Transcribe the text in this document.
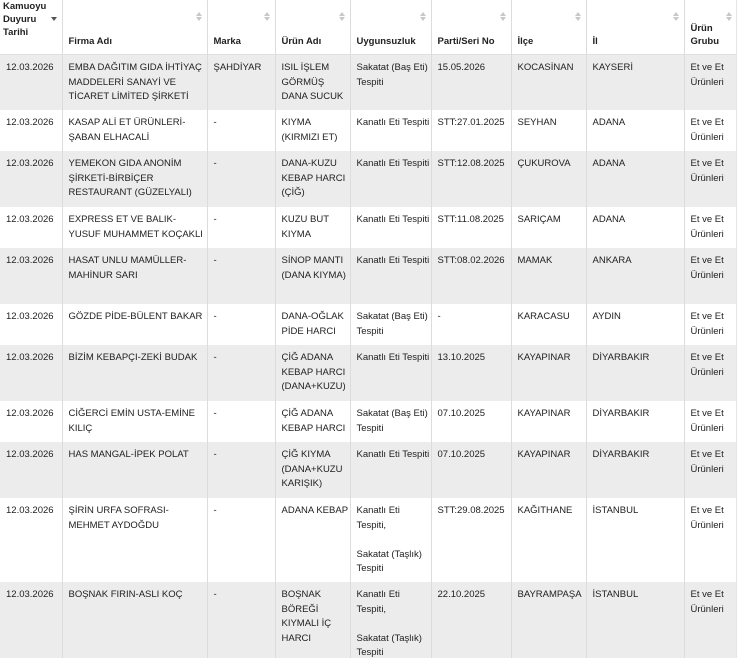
Kamuoyu Duyuru Tarihi	Firma Adı	Marka	Ürün Adı	Uygunsuzluk	Parti/Seri No	İlçe	İl	Ürün Grubu

12.03.2026	EMBA DAĞITIM GIDA İHTİYAÇ MADDELERİ SANAYİ VE TİCARET LİMİTED ŞİRKETİ	ŞAHDİYAR	ISIL İŞLEM GÖRMÜŞ DANA SUCUK	Sakatat (Baş Eti) Tespiti	15.05.2026	KOCASİNAN	KAYSERİ	Et ve Et Ürünleri
12.03.2026	KASAP ALİ ET ÜRÜNLERİ-ŞABAN ELHACALİ	-	KIYMA (KIRMIZI ET)	Kanatlı Eti Tespiti	STT:27.01.2025	SEYHAN	ADANA	Et ve Et Ürünleri
12.03.2026	YEMEKON GIDA ANONİM ŞİRKETİ-BİRBİÇER RESTAURANT (GÜZELYALI)	-	DANA-KUZU KEBAP HARCI (ÇİĞ)	Kanatlı Eti Tespiti	STT:12.08.2025	ÇUKUROVA	ADANA	Et ve Et Ürünleri
12.03.2026	EXPRESS ET VE BALIK-YUSUF MUHAMMET KOÇAKLI	-	KUZU BUT KIYMA	Kanatlı Eti Tespiti	STT:11.08.2025	SARIÇAM	ADANA	Et ve Et Ürünleri
12.03.2026	HASAT UNLU MAMÜLLER-MAHİNUR SARI	-	SİNOP MANTI (DANA KIYMA)	Kanatlı Eti Tespiti	STT:08.02.2026	MAMAK	ANKARA	Et ve Et Ürünleri
12.03.2026	GÖZDE PİDE-BÜLENT BAKAR	-	DANA-OĞLAK PİDE HARCI	Sakatat (Baş Eti) Tespiti	-	KARACASU	AYDIN	Et ve Et Ürünleri
12.03.2026	BİZİM KEBAPÇI-ZEKİ BUDAK	-	ÇİĞ ADANA KEBAP HARCI (DANA+KUZU)	Kanatlı Eti Tespiti	13.10.2025	KAYAPINAR	DİYARBAKIR	Et ve Et Ürünleri
12.03.2026	CİĞERCİ EMİN USTA-EMİNE KILIÇ	-	ÇİĞ ADANA KEBAP HARCI	Sakatat (Baş Eti) Tespiti	07.10.2025	KAYAPINAR	DİYARBAKIR	Et ve Et Ürünleri
12.03.2026	HAS MANGAL-İPEK POLAT	-	ÇİĞ KIYMA (DANA+KUZU KARIŞIK)	Kanatlı Eti Tespiti	07.10.2025	KAYAPINAR	DİYARBAKIR	Et ve Et Ürünleri
12.03.2026	ŞİRİN URFA SOFRASI-MEHMET AYDOĞDU	-	ADANA KEBAP	Kanatlı Eti Tespiti,
Sakatat (Taşlık) Tespiti	STT:29.08.2025	KAĞITHANE	İSTANBUL	Et ve Et Ürünleri
12.03.2026	BOŞNAK FIRIN-ASLI KOÇ	-	BOŞNAK BÖREĞİ KIYMALI İÇ HARCI	Kanatlı Eti Tespiti,
Sakatat (Taşlık) Tespiti	22.10.2025	BAYRAMPAŞA	İSTANBUL	Et ve Et Ürünleri
